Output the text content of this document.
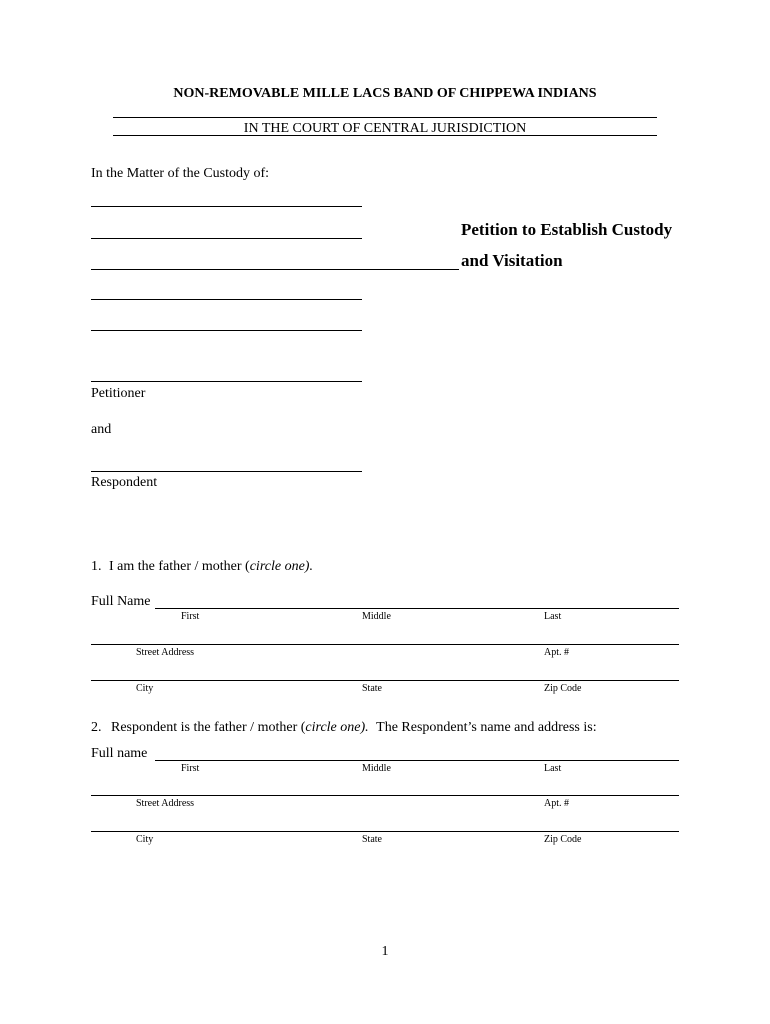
NON-REMOVABLE MILLE LACS BAND OF CHIPPEWA INDIANS
IN THE COURT OF CENTRAL JURISDICTION
In the Matter of the Custody of:
Petition to Establish Custody
and Visitation
Petitioner
and
Respondent
1. I am the father / mother (circle one).
Full Name
First	Middle	Last
Street Address	Apt. #
City	State	Zip Code
2. Respondent is the father / mother (circle one). The Respondent’s name and address is:
Full name
First	Middle	Last
Street Address	Apt. #
City	State	Zip Code
1
